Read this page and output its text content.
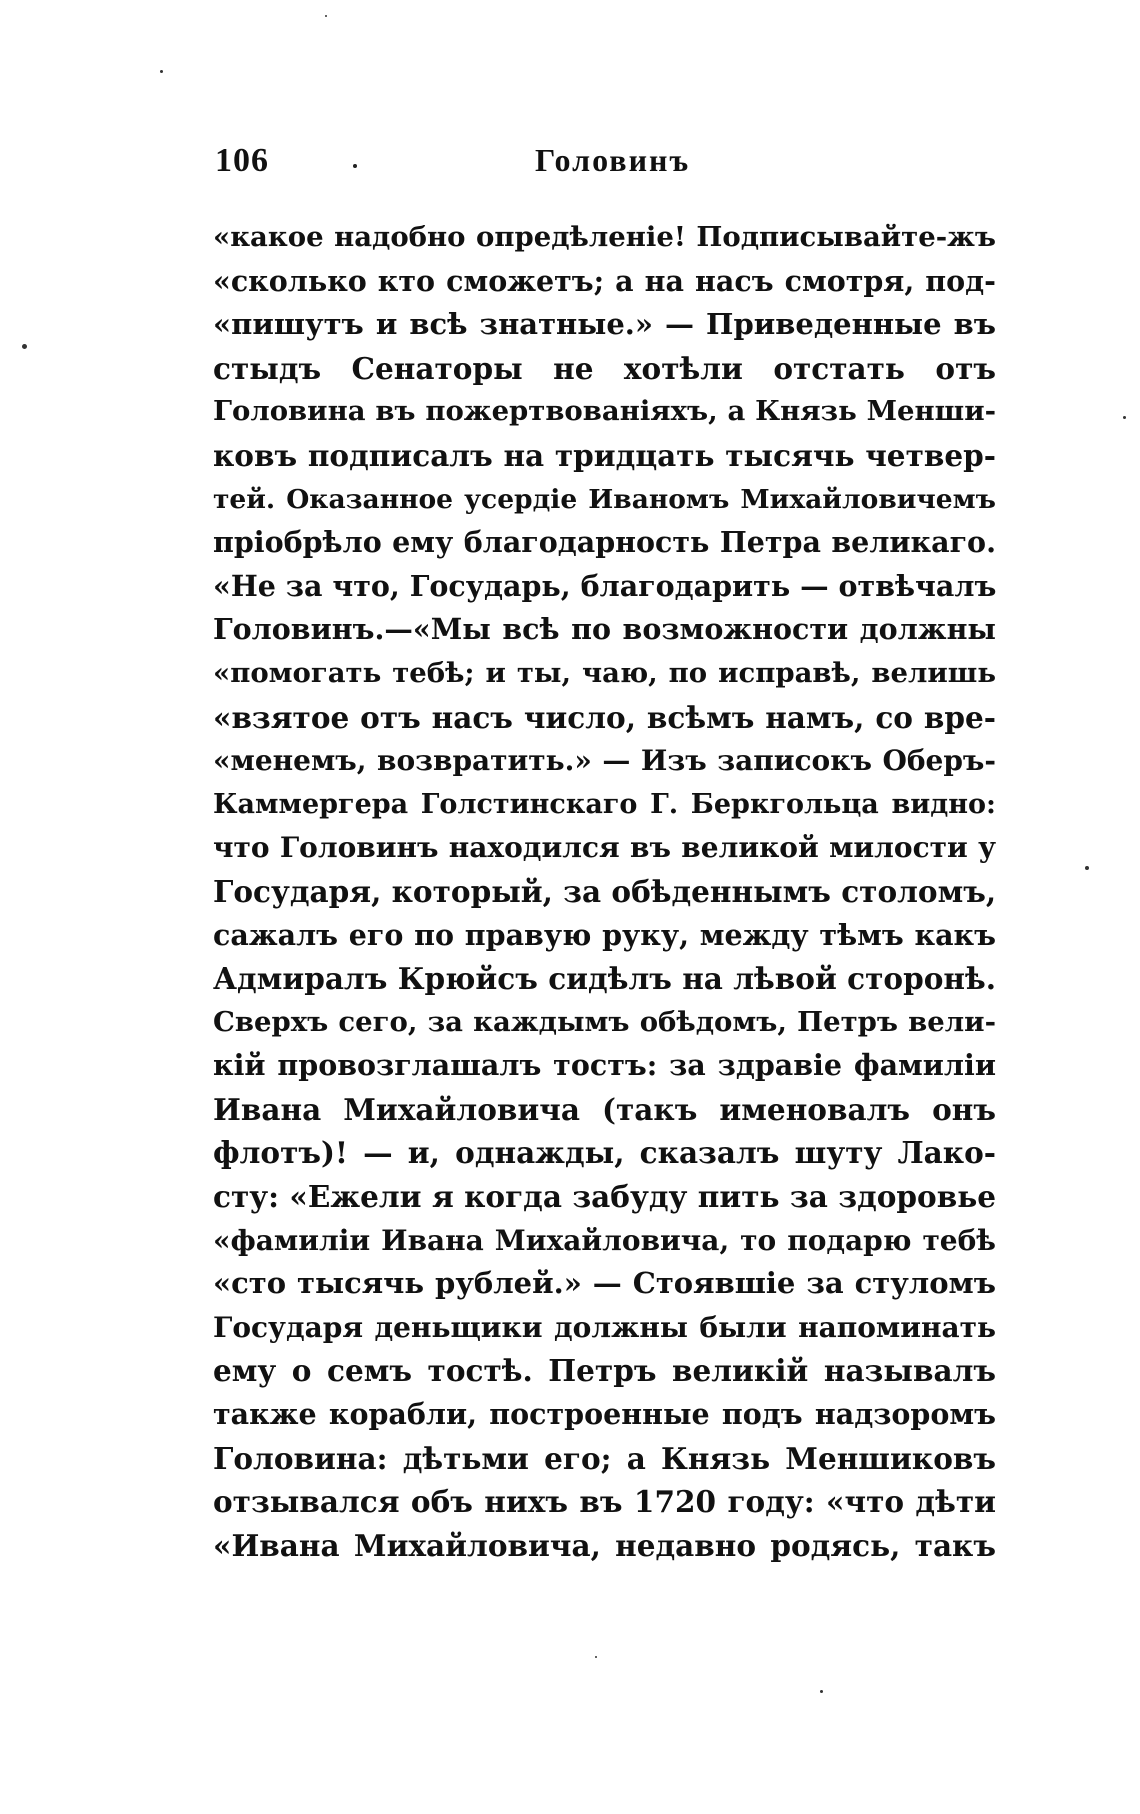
106	Головинъ
«какое надобно опредѣленіе! Подписывайте-жъ
«сколько кто сможетъ; а на насъ смотря, под-
«пишутъ и всѣ знатные.» — Приведенные въ
стыдъ Сенаторы не хотѣли отстать отъ
Головина въ пожертвованіяхъ, а Князь Менши-
ковъ подписалъ на тридцать тысячь четвер-
тей. Оказанное усердіе Иваномъ Михайловичемъ
пріобрѣло ему благодарность Петра великаго.
«Не за что, Государь, благодарить — отвѣчалъ
Головинъ.—«Мы всѣ по возможности должны
«помогать тебѣ; и ты, чаю, по исправѣ, велишь
«взятое отъ насъ число, всѣмъ намъ, со вре-
«менемъ, возвратить.» — Изъ записокъ Оберъ-
Каммергера Голстинскаго Г. Беркгольца видно:
что Головинъ находился въ великой милости у
Государя, который, за обѣденнымъ столомъ,
сажалъ его по правую руку, между тѣмъ какъ
Адмиралъ Крюйсъ сидѣлъ на лѣвой сторонѣ.
Сверхъ сего, за каждымъ обѣдомъ, Петръ вели-
кій провозглашалъ тостъ: за здравіе фамиліи
Ивана Михайловича (такъ именовалъ онъ
флотъ)! — и, однажды, сказалъ шуту Лако-
сту: «Ежели я когда забуду пить за здоровье
«фамиліи Ивана Михайловича, то подарю тебѣ
«сто тысячь рублей.» — Стоявшіе за стуломъ
Государя деньщики должны были напоминать
ему о семъ тостѣ. Петръ великій называлъ
также корабли, построенные подъ надзоромъ
Головина: дѣтьми его; а Князь Меншиковъ
отзывался объ нихъ въ 1720 году: «что дѣти
«Ивана Михайловича, недавно родясь, такъ
